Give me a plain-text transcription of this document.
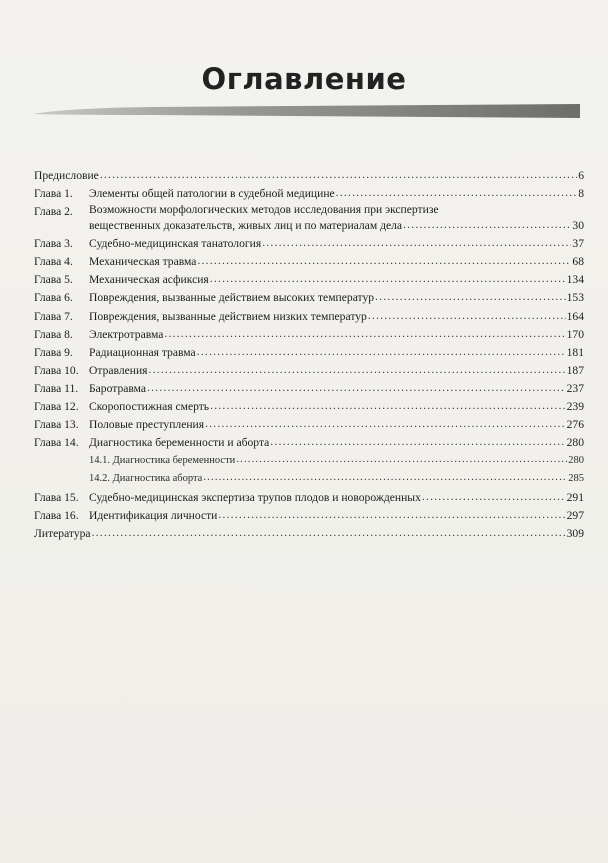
Оглавление
Предисловие .....	6
Глава 1. Элементы общей патологии в судебной медицине .....	8
Глава 2. Возможности морфологических методов исследования при экспертизе
вещественных доказательств, живых лиц и по материалам дела .....	30
Глава 3. Судебно-медицинская танатология .....	37
Глава 4. Механическая травма .....	68
Глава 5. Механическая асфиксия .....	134
Глава 6. Повреждения, вызванные действием высоких температур .....	153
Глава 7. Повреждения, вызванные действием низких температур .....	164
Глава 8. Электротравма .....	170
Глава 9. Радиационная травма .....	181
Глава 10. Отравления .....	187
Глава 11. Баротравма .....	237
Глава 12. Скоропостижная смерть .....	239
Глава 13. Половые преступления .....	276
Глава 14. Диагностика беременности и аборта .....	280
14.1. Диагностика беременности .....	280
14.2. Диагностика аборта .....	285
Глава 15. Судебно-медицинская экспертиза трупов плодов и новорожденных .....	291
Глава 16. Идентификация личности .....	297
Литература .....	309
